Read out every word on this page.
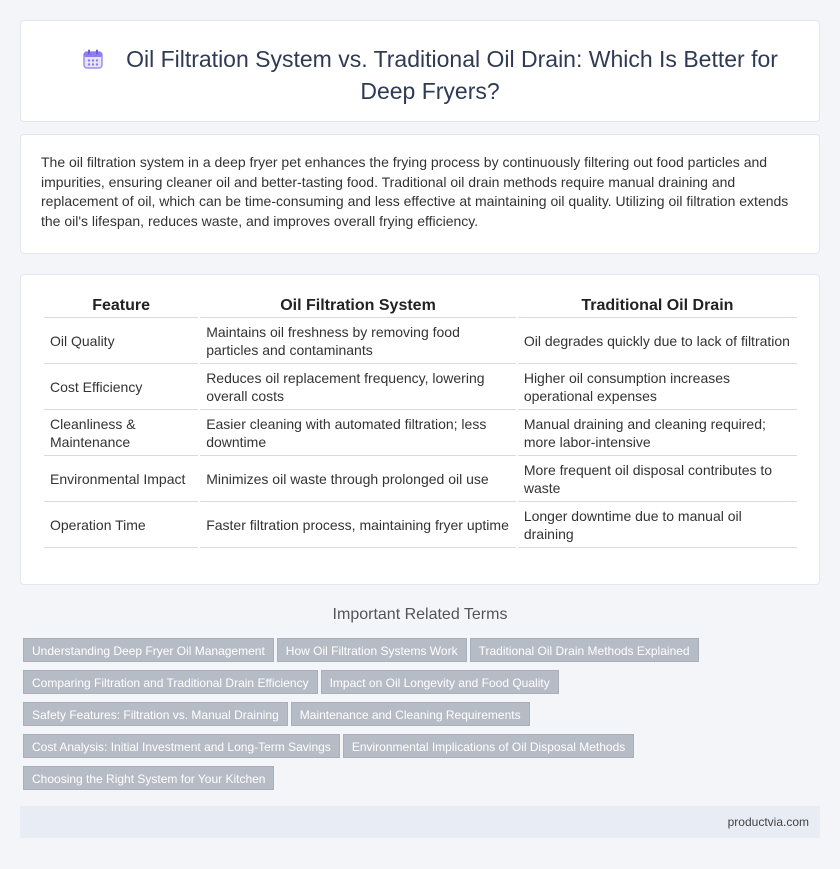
Oil Filtration System vs. Traditional Oil Drain: Which Is Better for Deep Fryers?
The oil filtration system in a deep fryer pet enhances the frying process by continuously filtering out food particles and impurities, ensuring cleaner oil and better-tasting food. Traditional oil drain methods require manual draining and replacement of oil, which can be time-consuming and less effective at maintaining oil quality. Utilizing oil filtration extends the oil's lifespan, reduces waste, and improves overall frying efficiency.
Feature	Oil Filtration System	Traditional Oil Drain
Oil Quality	Maintains oil freshness by removing food particles and contaminants	Oil degrades quickly due to lack of filtration
Cost Efficiency	Reduces oil replacement frequency, lowering overall costs	Higher oil consumption increases operational expenses
Cleanliness & Maintenance	Easier cleaning with automated filtration; less downtime	Manual draining and cleaning required; more labor-intensive
Environmental Impact	Minimizes oil waste through prolonged oil use	More frequent oil disposal contributes to waste
Operation Time	Faster filtration process, maintaining fryer uptime	Longer downtime due to manual oil draining
Important Related Terms
Understanding Deep Fryer Oil Management How Oil Filtration Systems Work Traditional Oil Drain Methods Explained
Comparing Filtration and Traditional Drain Efficiency Impact on Oil Longevity and Food Quality
Safety Features: Filtration vs. Manual Draining Maintenance and Cleaning Requirements
Cost Analysis: Initial Investment and Long-Term Savings Environmental Implications of Oil Disposal Methods
Choosing the Right System for Your Kitchen
productvia.com
